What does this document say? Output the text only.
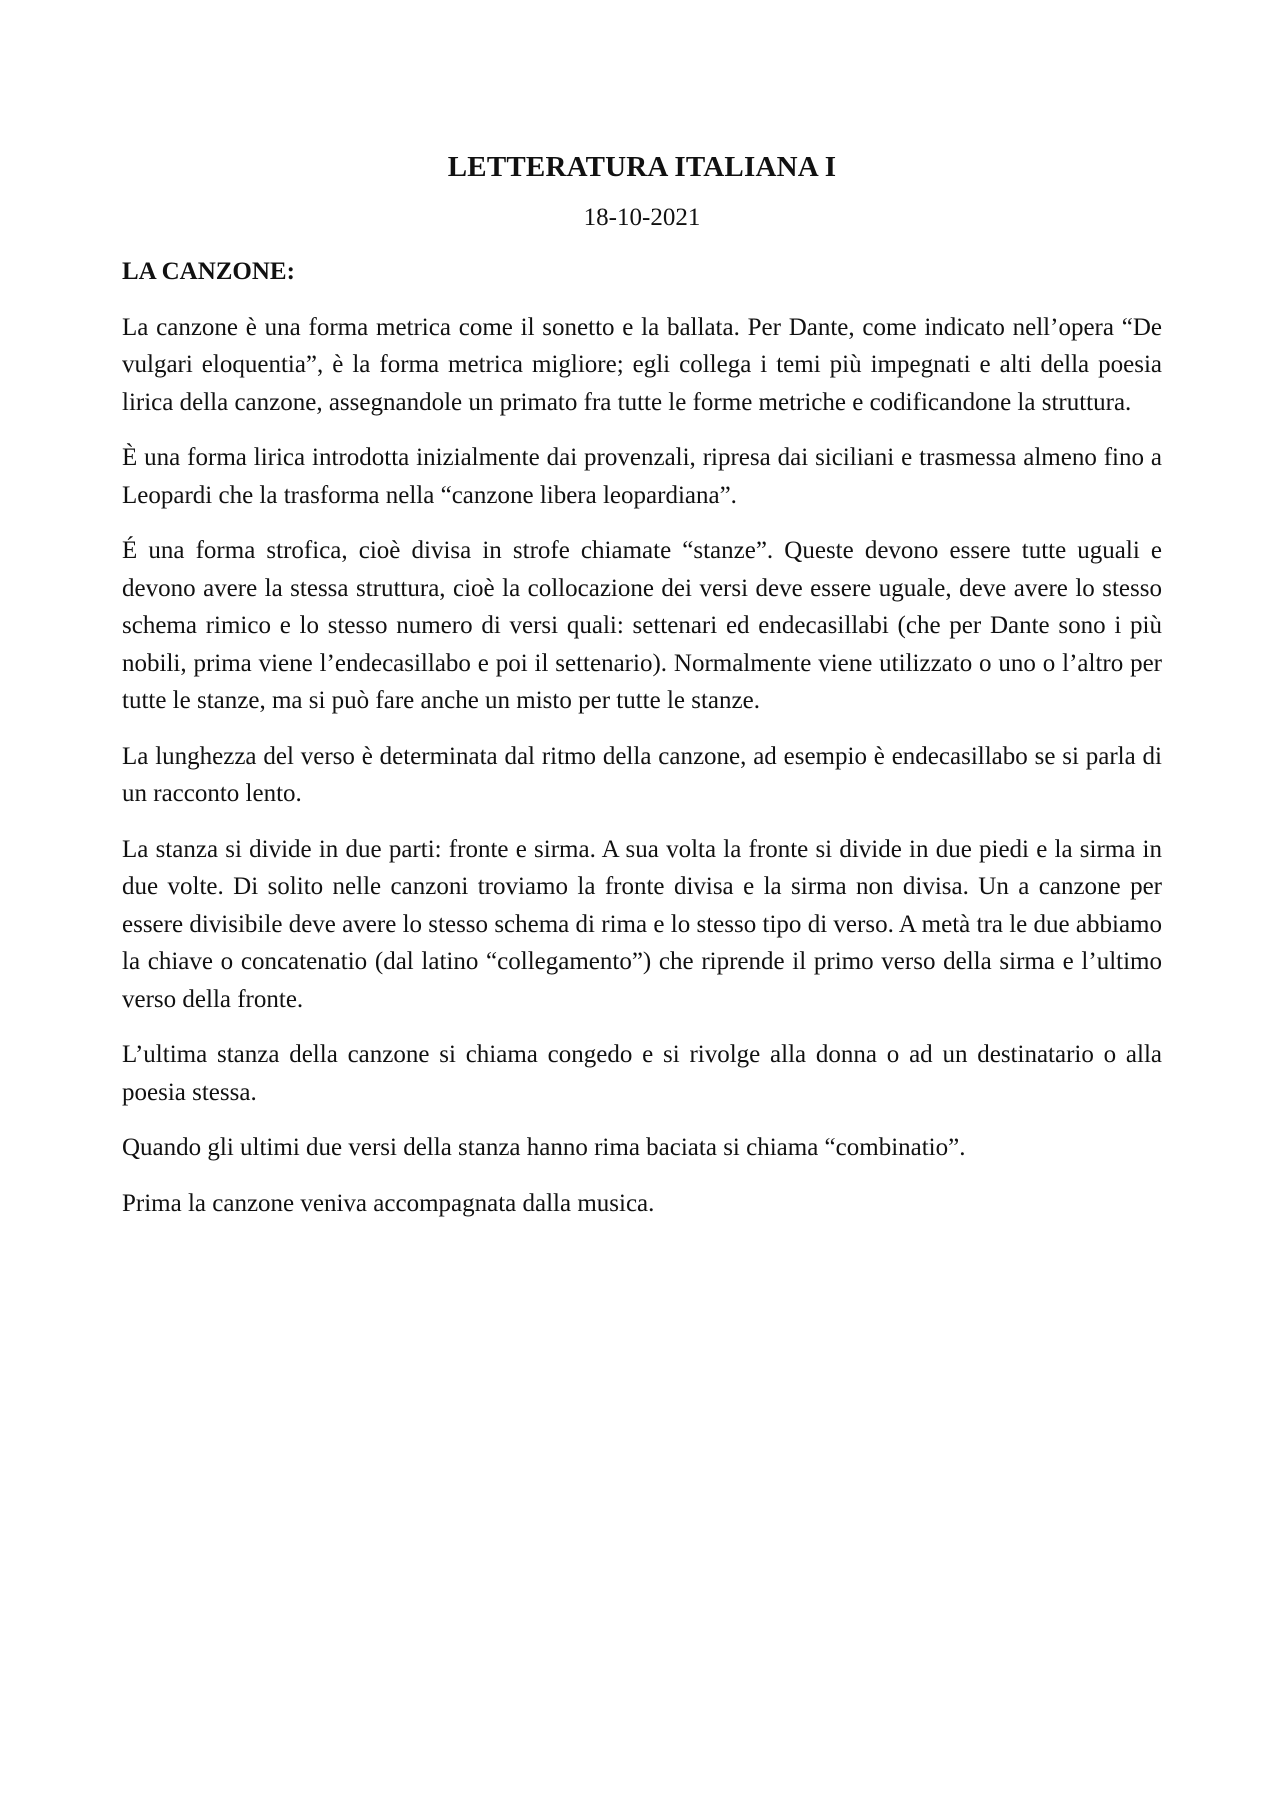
LETTERATURA ITALIANA I
18-10-2021
LA CANZONE:

La canzone è una forma metrica come il sonetto e la ballata. Per Dante, come indicato nell’opera “De vulgari eloquentia”, è la forma metrica migliore; egli collega i temi più impegnati e alti della poesia lirica della canzone, assegnandole un primato fra tutte le forme metriche e codificandone la struttura.

È una forma lirica introdotta inizialmente dai provenzali, ripresa dai siciliani e trasmessa almeno fino a Leopardi che la trasforma nella “canzone libera leopardiana”.

É una forma strofica, cioè divisa in strofe chiamate “stanze”. Queste devono essere tutte uguali e devono avere la stessa struttura, cioè la collocazione dei versi deve essere uguale, deve avere lo stesso schema rimico e lo stesso numero di versi quali: settenari ed endecasillabi (che per Dante sono i più nobili, prima viene l’endecasillabo e poi il settenario). Normalmente viene utilizzato o uno o l’altro per tutte le stanze, ma si può fare anche un misto per tutte le stanze.

La lunghezza del verso è determinata dal ritmo della canzone, ad esempio è endecasillabo se si parla di un racconto lento.

La stanza si divide in due parti: fronte e sirma. A sua volta la fronte si divide in due piedi e la sirma in due volte. Di solito nelle canzoni troviamo la fronte divisa e la sirma non divisa. Un a canzone per essere divisibile deve avere lo stesso schema di rima e lo stesso tipo di verso. A metà tra le due abbiamo la chiave o concatenatio (dal latino “collegamento”) che riprende il primo verso della sirma e l’ultimo verso della fronte.

L’ultima stanza della canzone si chiama congedo e si rivolge alla donna o ad un destinatario o alla poesia stessa.

Quando gli ultimi due versi della stanza hanno rima baciata si chiama “combinatio”.

Prima la canzone veniva accompagnata dalla musica.
